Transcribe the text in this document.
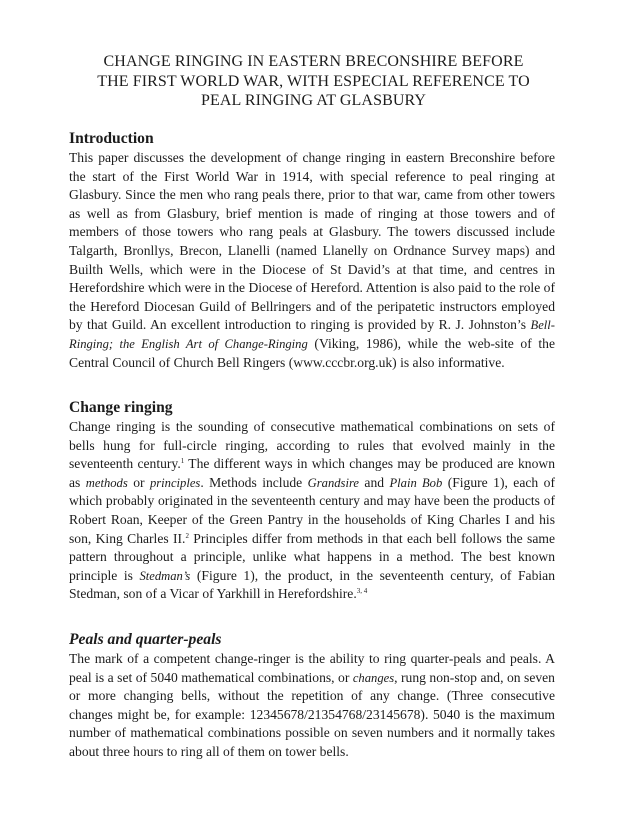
CHANGE RINGING IN EASTERN BRECONSHIRE BEFORE
THE FIRST WORLD WAR, WITH ESPECIAL REFERENCE TO
PEAL RINGING AT GLASBURY
Introduction

This paper discusses the development of change ringing in eastern Breconshire before the start of the First World War in 1914, with special reference to peal ringing at Glasbury. Since the men who rang peals there, prior to that war, came from other towers as well as from Glasbury, brief mention is made of ringing at those towers and of members of those towers who rang peals at Glasbury. The towers discussed include Talgarth, Bronllys, Brecon, Llanelli (named Llanelly on Ordnance Survey maps) and Builth Wells, which were in the Diocese of St David’s at that time, and centres in Herefordshire which were in the Diocese of Hereford. Attention is also paid to the role of the Hereford Diocesan Guild of Bellringers and of the peripatetic instructors employed by that Guild. An excellent introduction to ringing is provided by R. J. Johnston’s Bell-Ringing; the English Art of Change-Ringing (Viking, 1986), while the web-site of the Central Council of Church Bell Ringers (www.cccbr.org.uk) is also informative.

Change ringing

Change ringing is the sounding of consecutive mathematical combinations on sets of bells hung for full-circle ringing, according to rules that evolved mainly in the seventeenth century.$^1$ The different ways in which changes may be produced are known as methods or principles. Methods include Grandsire and Plain Bob (Figure 1), each of which probably originated in the seventeenth century and may have been the products of Robert Roan, Keeper of the Green Pantry in the households of King Charles I and his son, King Charles II.$^2$ Principles differ from methods in that each bell follows the same pattern throughout a principle, unlike what happens in a method. The best known principle is Stedman’s (Figure 1), the product, in the seventeenth century, of Fabian Stedman, son of a Vicar of Yarkhill in Herefordshire.$^{3, 4}$

Peals and quarter-peals

The mark of a competent change-ringer is the ability to ring quarter-peals and peals. A peal is a set of 5040 mathematical combinations, or changes, rung non-stop and, on seven or more changing bells, without the repetition of any change. (Three consecutive changes might be, for example: 12345678/21354768/23145678). 5040 is the maximum number of mathematical combinations possible on seven numbers and it normally takes about three hours to ring all of them on tower bells.
